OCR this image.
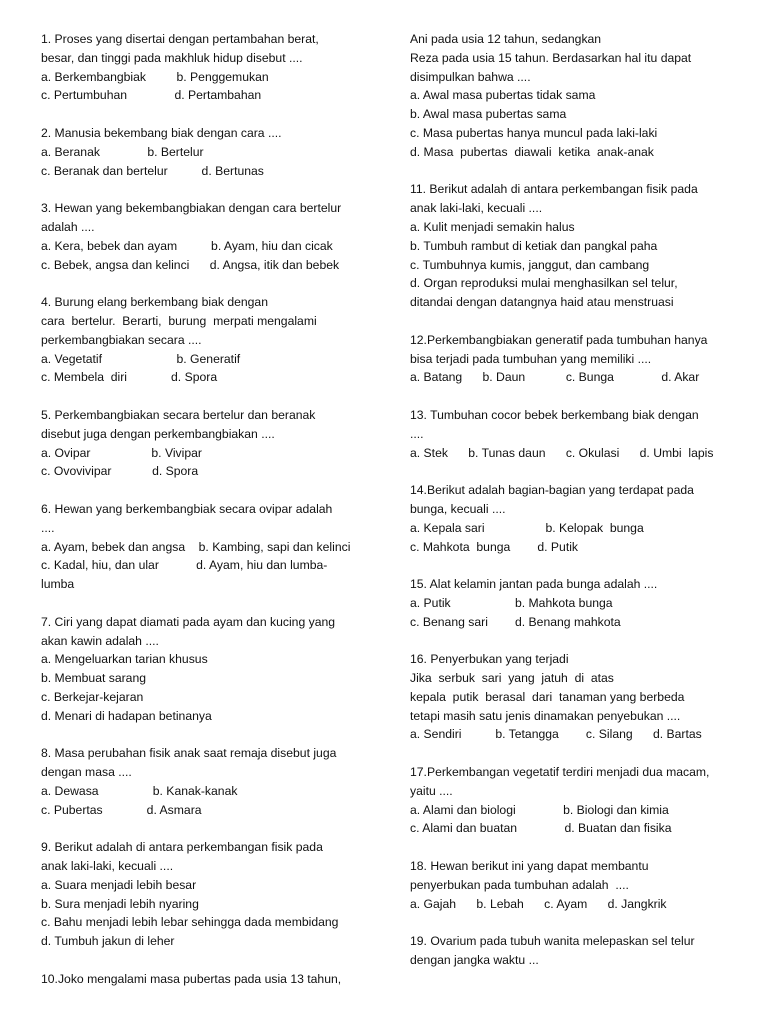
1. Proses yang disertai dengan pertambahan berat,
besar, dan tinggi pada makhluk hidup disebut ....
a. Berkembangbiak         b. Penggemukan
c. Pertumbuhan              d. Pertambahan
2. Manusia bekembang biak dengan cara ....
a. Beranak              b. Bertelur
c. Beranak dan bertelur          d. Bertunas
3. Hewan yang bekembangbiakan dengan cara bertelur
adalah ....
a. Kera, bebek dan ayam          b. Ayam, hiu dan cicak
c. Bebek, angsa dan kelinci      d. Angsa, itik dan bebek
4. Burung elang berkembang biak dengan
cara  bertelur.  Berarti,  burung  merpati mengalami
perkembangbiakan secara ....
a. Vegetatif                      b. Generatif
c. Membela  diri             d. Spora
5. Perkembangbiakan secara bertelur dan beranak
disebut juga dengan perkembangbiakan ....
a. Ovipar                  b. Vivipar
c. Ovovivipar            d. Spora
6. Hewan yang berkembangbiak secara ovipar adalah
....
a. Ayam, bebek dan angsa    b. Kambing, sapi dan kelinci
c. Kadal, hiu, dan ular           d. Ayam, hiu dan lumba-
lumba
7. Ciri yang dapat diamati pada ayam dan kucing yang
akan kawin adalah ....
a. Mengeluarkan tarian khusus
b. Membuat sarang
c. Berkejar-kejaran
d. Menari di hadapan betinanya
8. Masa perubahan fisik anak saat remaja disebut juga
dengan masa ....
a. Dewasa                b. Kanak-kanak
c. Pubertas             d. Asmara
9. Berikut adalah di antara perkembangan fisik pada
anak laki-laki, kecuali ....
a. Suara menjadi lebih besar
b. Sura menjadi lebih nyaring
c. Bahu menjadi lebih lebar sehingga dada membidang
d. Tumbuh jakun di leher
10.Joko mengalami masa pubertas pada usia 13 tahun,
Ani pada usia 12 tahun, sedangkan
Reza pada usia 15 tahun. Berdasarkan hal itu dapat
disimpulkan bahwa ....
a. Awal masa pubertas tidak sama
b. Awal masa pubertas sama
c. Masa pubertas hanya muncul pada laki-laki
d. Masa  pubertas  diawali  ketika  anak-anak
11. Berikut adalah di antara perkembangan fisik pada
anak laki-laki, kecuali ....
a. Kulit menjadi semakin halus
b. Tumbuh rambut di ketiak dan pangkal paha
c. Tumbuhnya kumis, janggut, dan cambang
d. Organ reproduksi mulai menghasilkan sel telur,
ditandai dengan datangnya haid atau menstruasi
12.Perkembangbiakan generatif pada tumbuhan hanya
bisa terjadi pada tumbuhan yang memiliki ....
a. Batang      b. Daun            c. Bunga              d. Akar
13. Tumbuhan cocor bebek berkembang biak dengan
....
a. Stek      b. Tunas daun      c. Okulasi      d. Umbi  lapis
14.Berikut adalah bagian-bagian yang terdapat pada
bunga, kecuali ....
a. Kepala sari                  b. Kelopak  bunga
c. Mahkota  bunga        d. Putik
15. Alat kelamin jantan pada bunga adalah ....
a. Putik                   b. Mahkota bunga
c. Benang sari        d. Benang mahkota
16. Penyerbukan yang terjadi
Jika  serbuk  sari  yang  jatuh  di  atas
kepala  putik  berasal  dari  tanaman yang berbeda
tetapi masih satu jenis dinamakan penyebukan ....
a. Sendiri          b. Tetangga        c. Silang      d. Bartas
17.Perkembangan vegetatif terdiri menjadi dua macam,
yaitu ....
a. Alami dan biologi              b. Biologi dan kimia
c. Alami dan buatan              d. Buatan dan fisika
18. Hewan berikut ini yang dapat membantu
penyerbukan pada tumbuhan adalah  ....
a. Gajah      b. Lebah      c. Ayam      d. Jangkrik
19. Ovarium pada tubuh wanita melepaskan sel telur
dengan jangka waktu ...
